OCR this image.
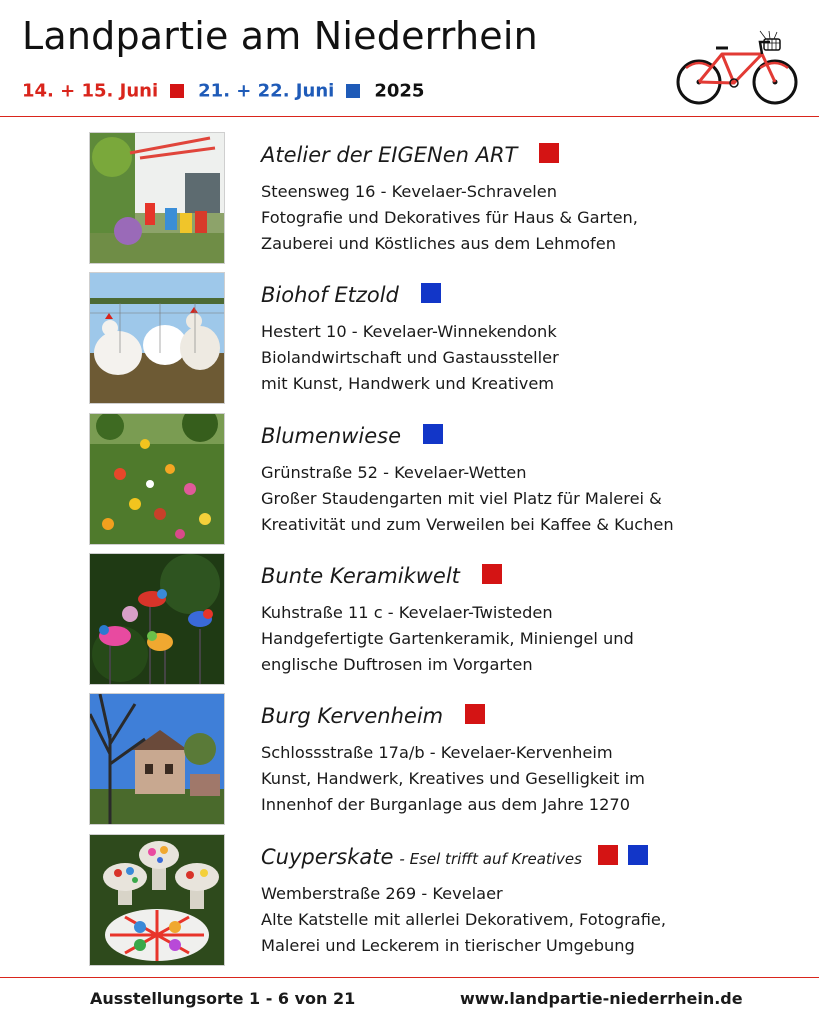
Landpartie am Niederrhein
14. + 15. Juni 21. + 22. Juni 2025
Atelier der EIGENen ART
Steensweg 16 - Kevelaer-Schravelen
Fotografie und Dekoratives für Haus & Garten,
Zauberei und Köstliches aus dem Lehmofen
Biohof Etzold
Hestert 10 - Kevelaer-Winnekendonk
Biolandwirtschaft und Gastaussteller
mit Kunst, Handwerk und Kreativem
Blumenwiese
Grünstraße 52 - Kevelaer-Wetten
Großer Staudengarten mit viel Platz für Malerei &
Kreativität und zum Verweilen bei Kaffee & Kuchen
Bunte Keramikwelt
Kuhstraße 11 c - Kevelaer-Twisteden
Handgefertigte Gartenkeramik, Miniengel und
englische Duftrosen im Vorgarten
Burg Kervenheim
Schlossstraße 17a/b - Kevelaer-Kervenheim
Kunst, Handwerk, Kreatives und Geselligkeit im
Innenhof der Burganlage aus dem Jahre 1270
Cuyperskate - Esel trifft auf Kreatives
Wemberstraße 269 - Kevelaer
Alte Katstelle mit allerlei Dekorativem, Fotografie,
Malerei und Leckerem in tierischer Umgebung
Ausstellungsorte 1 - 6 von 21	www.landpartie-niederrhein.de
